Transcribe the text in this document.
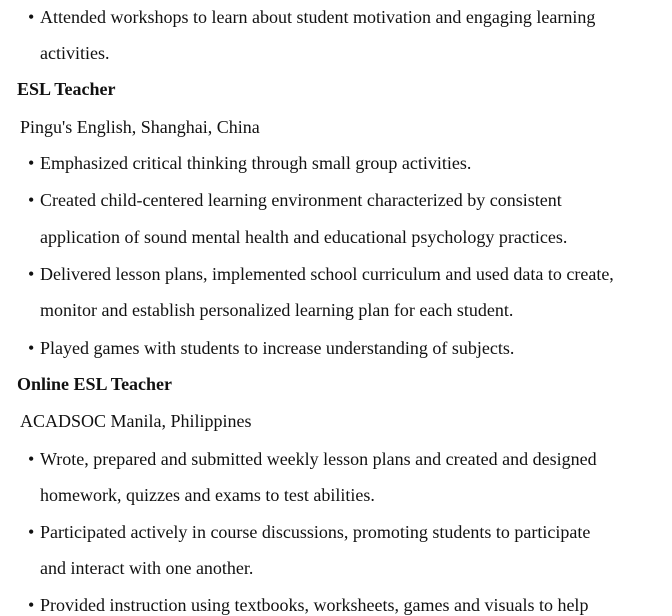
• Attended workshops to learn about student motivation and engaging learning
activities.
ESL Teacher
Pingu's English, Shanghai, China
• Emphasized critical thinking through small group activities.
• Created child-centered learning environment characterized by consistent
application of sound mental health and educational psychology practices.
• Delivered lesson plans, implemented school curriculum and used data to create,
monitor and establish personalized learning plan for each student.
• Played games with students to increase understanding of subjects.
Online ESL Teacher
ACADSOC Manila, Philippines
• Wrote, prepared and submitted weekly lesson plans and created and designed
homework, quizzes and exams to test abilities.
• Participated actively in course discussions, promoting students to participate
and interact with one another.
• Provided instruction using textbooks, worksheets, games and visuals to help
